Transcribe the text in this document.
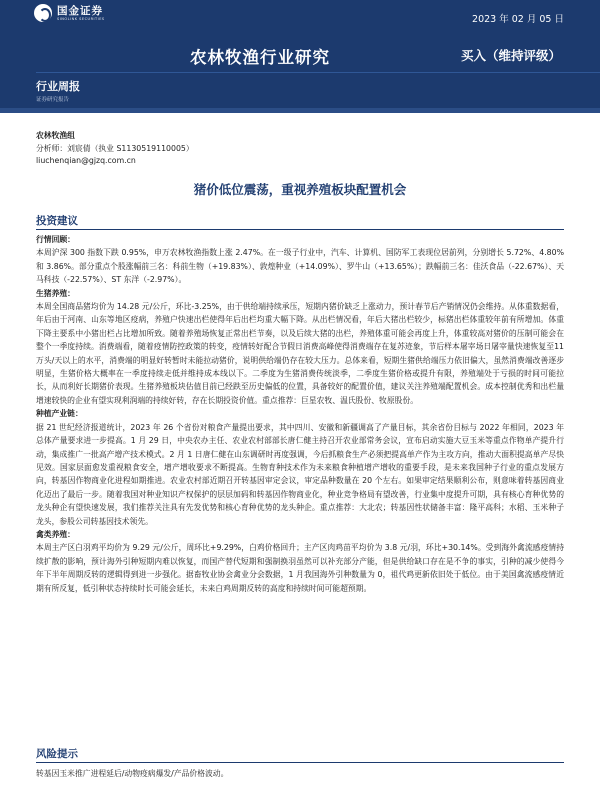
国金证券
SINOLINK SECURITIES	2023 年 02 月 05 日
农林牧渔行业研究	买入（维持评级）
行业周报
证券研究报告
农林牧渔组
分析师：刘宸倩（执业 S1130519110005）
liuchenqian@gjzq.com.cn
猪价低位震荡，重视养殖板块配置机会
投资建议
行情回顾：
本周沪深 300 指数下跌 0.95%，申万农林牧渔指数上涨 2.47%。在一级子行业中，汽车、计算机、国防军工表现位居前列，分别增长 5.72%、4.80%和 3.86%。部分重点个股涨幅前三名：科前生物（+19.83%）、敦煌种业（+14.09%）、罗牛山（+13.65%）；跌幅前三名：佳沃食品（-22.67%）、天马科技（-22.57%）、ST 东洋（-2.97%）。
生猪养殖：
本周全国商品猪均价为 14.28 元/公斤，环比-3.25%，由于供给端持续承压，短期内猪价缺乏上涨动力，预计春节后产销情况仍会维持。从体重数据看，年后由于河南、山东等地区疫病，养殖户快速出栏使得年后出栏均重大幅下降。从出栏情况看，年后大猪出栏较少，标猪出栏体重较年前有所增加。体重下降主要系中小猪出栏占比增加所致。随着养殖场恢复正常出栏节奏，以及后续大猪的出栏，养殖体重可能会再度上升，体重较高对猪价的压制可能会在整个一季度持续。消费端看，随着疫情防控政策的转变，疫情转好配合节假日消费高峰使得消费端存在复苏迹象，节后样本屠宰场日屠宰量快速恢复至11万头/天以上的水平，消费端的明显好转暂时未能拉动猪价，说明供给端仍存在较大压力。总体来看，短期生猪供给端压力依旧偏大，虽然消费端改善逐步明显，生猪价格大概率在一季度持续走低并维持成本线以下。二季度为生猪消费传统淡季，二季度生猪价格或提升有限，养殖端处于亏损的时间可能拉长，从而利好长期猪价表现。生猪养殖板块估值目前已经跌至历史偏低的位置，具备较好的配置价值，建议关注养殖端配置机会。成本控制优秀和出栏量增速较快的企业有望实现利润端的持续好转，存在长期投资价值。重点推荐：巨星农牧、温氏股份、牧原股份。
种植产业链：
据 21 世纪经济报道统计，2023 年 26 个省份对粮食产量提出要求，其中四川、安徽和新疆调高了产量目标，其余省份目标与 2022 年相同，2023 年总体产量要求进一步提高。1 月 29 日，中央农办主任、农业农村部部长唐仁健主持召开农业部常务会议，宣布启动实施大豆玉米等重点作物单产提升行动，集成推广一批高产增产技术模式。2 月 1 日唐仁健在山东调研时再度强调，今后抓粮食生产必须把提高单产作为主攻方向，推动大面积提高单产尽快见效。国家层面愈发重视粮食安全，增产增收要求不断提高。生物育种技术作为未来粮食种植增产增收的重要手段，是未来我国种子行业的重点发展方向，转基因作物商业化进程如期推进。农业农村部近期召开转基因审定会议，审定品种数量在 20 个左右。如果审定结果顺利公布，则意味着转基因商业化迈出了最后一步。随着我国对种业知识产权保护的层层加码和转基因作物商业化，种业竞争格局有望改善，行业集中度提升可期，具有核心育种优势的龙头种企有望快速发展，我们推荐关注具有先发优势和核心育种优势的龙头种企。重点推荐：大北农；转基因性状储备丰富：隆平高科；水稻、玉米种子龙头，参股公司转基因技术领先。
禽类养殖：
本周主产区白羽鸡平均价为 9.29 元/公斤，周环比+9.29%，白鸡价格回升；主产区肉鸡苗平均价为 3.8 元/羽，环比+30.14%。受到海外禽流感疫情持续扩散的影响，预计海外引种短期内难以恢复，而国产替代短期和强制换羽虽然可以补充部分产能，但是供给缺口存在是不争的事实，引种的减少使得今年下半年周期反转的逻辑得到进一步强化。据畜牧业协会禽业分会数据，1 月我国海外引种数量为 0，祖代鸡更新依旧处于低位。由于美国禽流感疫情近期有所反复，低引种状态持续时长可能会延长，未来白鸡周期反转的高度和持续时间可能超预期。
风险提示
转基因玉米推广进程延后/动物疫病爆发/产品价格波动。
